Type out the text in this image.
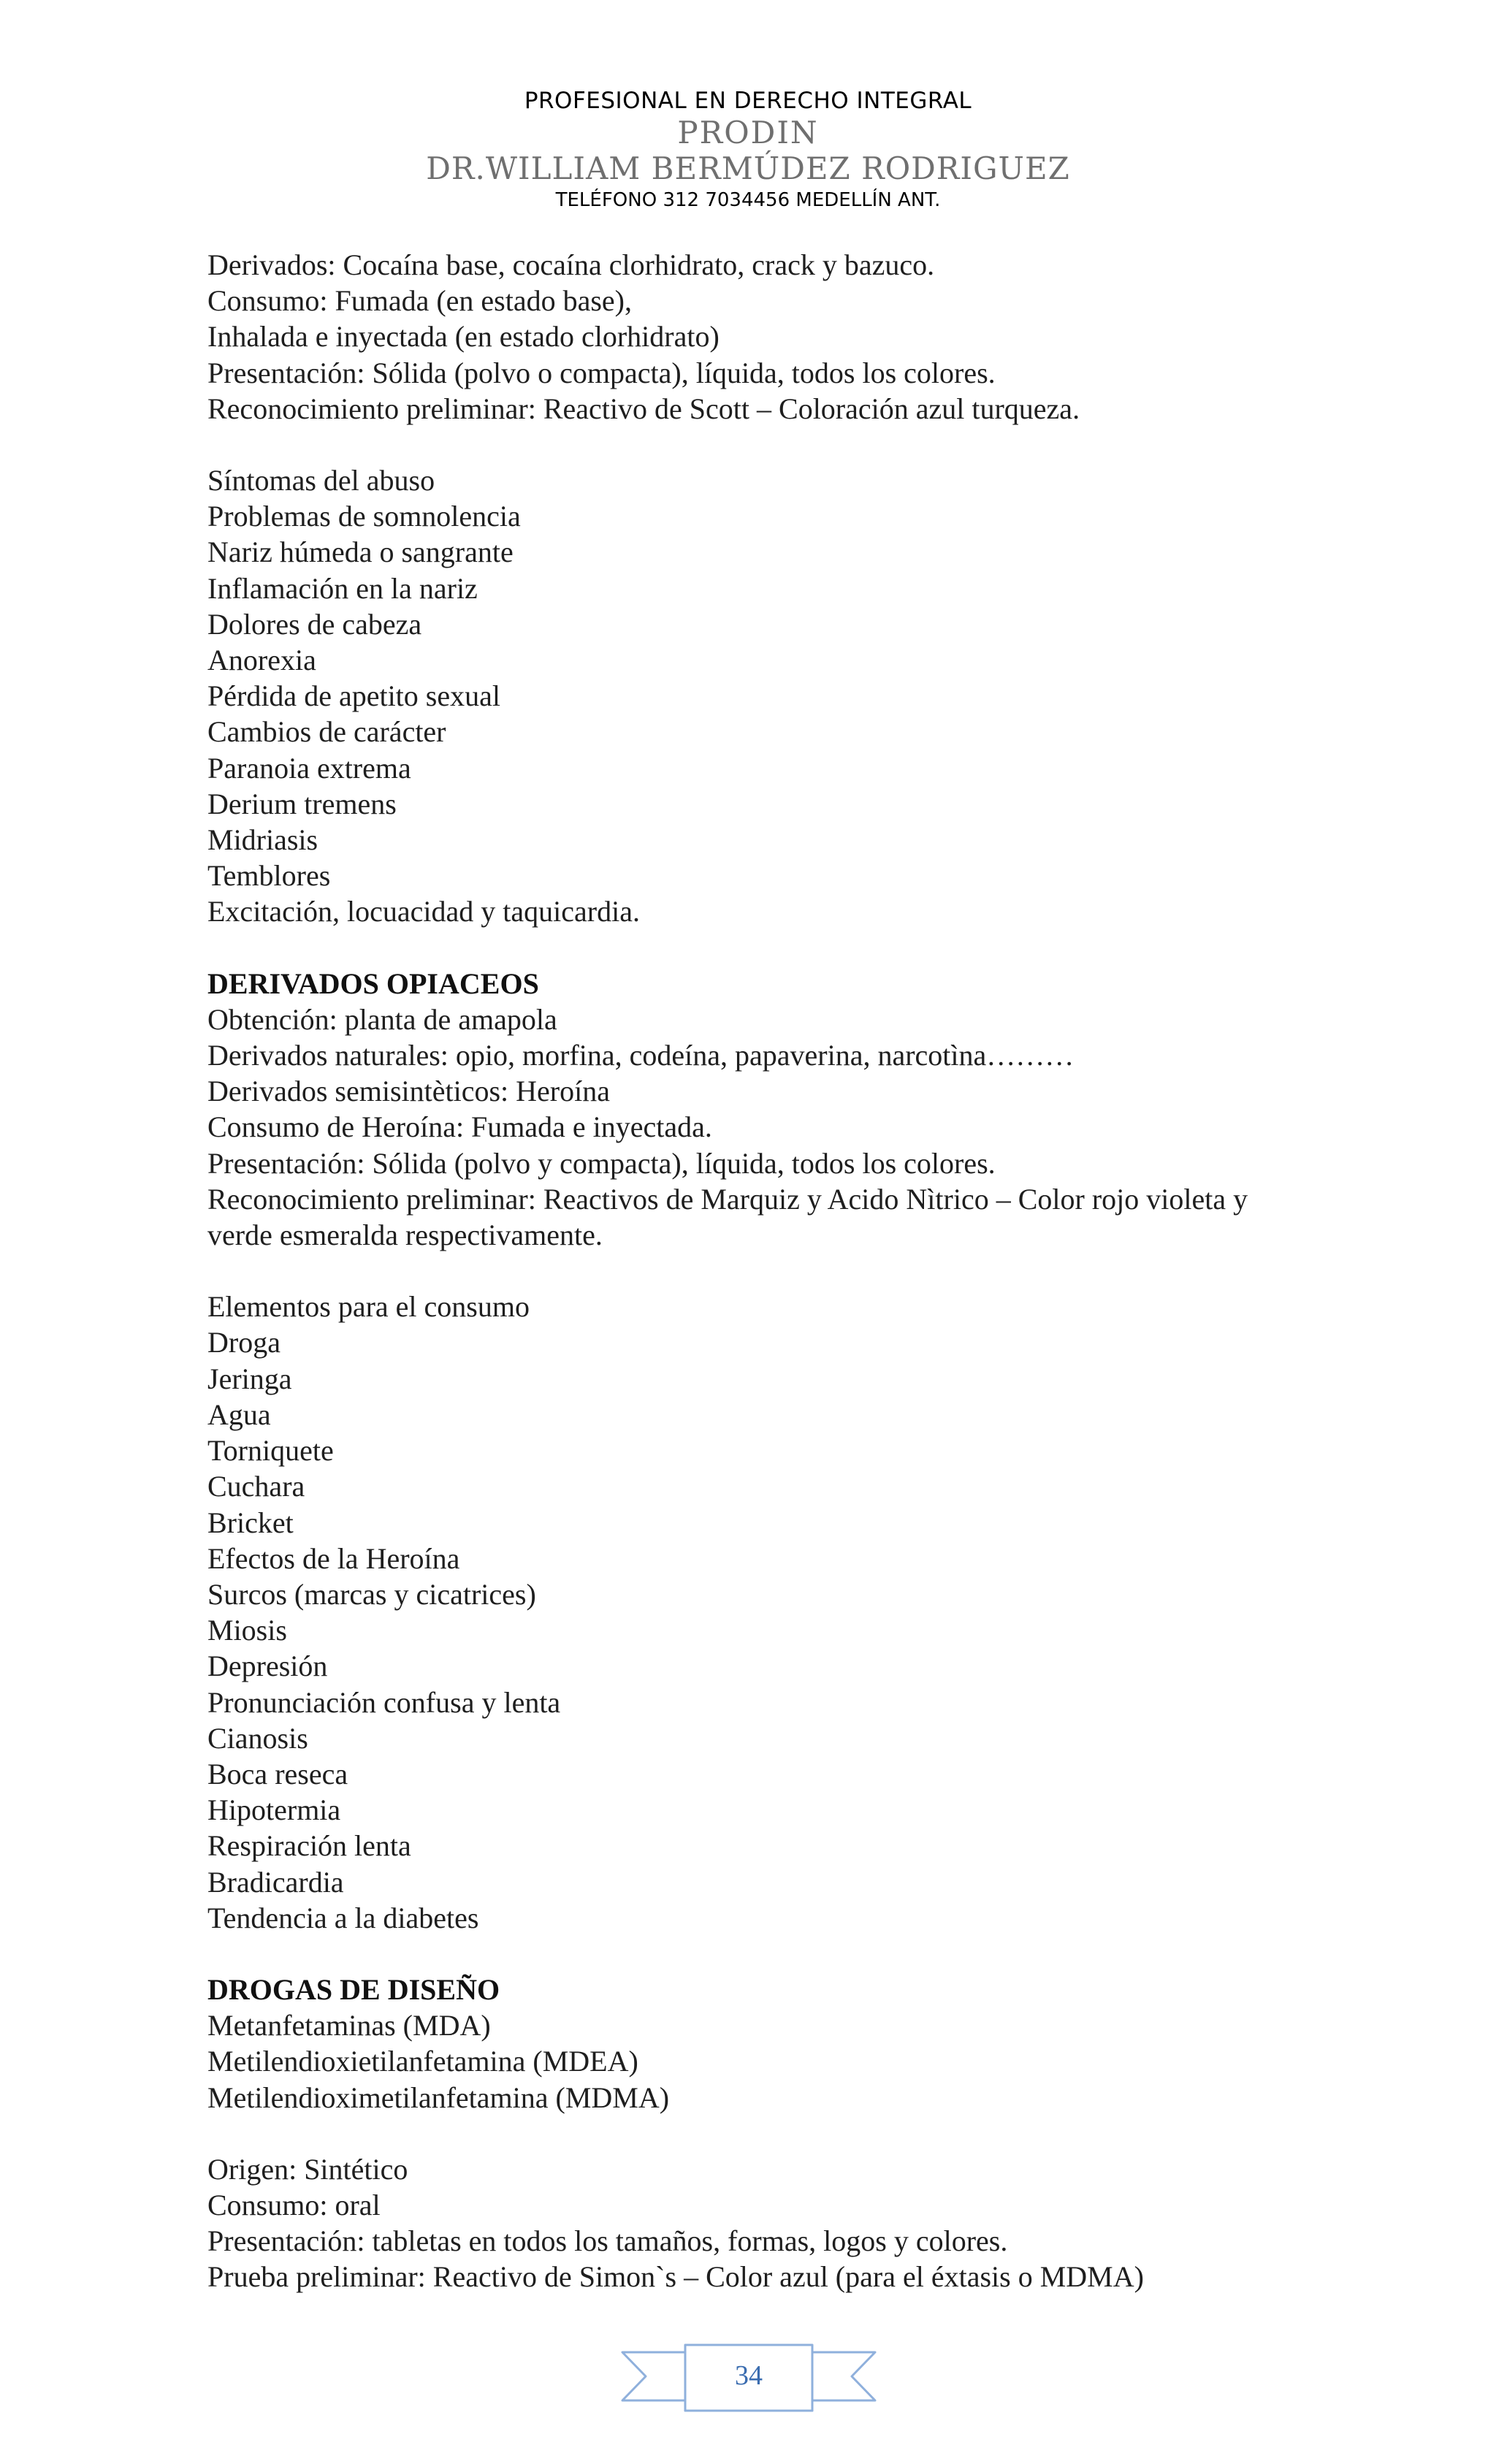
PROFESIONAL EN DERECHO INTEGRAL
PRODIN
DR.WILLIAM BERMÚDEZ RODRIGUEZ
TELÉFONO 312 7034456 MEDELLÍN ANT.
Derivados: Cocaína base, cocaína clorhidrato, crack y bazuco.
Consumo: Fumada (en estado base),
Inhalada e inyectada (en estado clorhidrato)
Presentación: Sólida (polvo o compacta), líquida, todos los colores.
Reconocimiento preliminar: Reactivo de Scott – Coloración azul turqueza.
Síntomas del abuso
Problemas de somnolencia
Nariz húmeda o sangrante
Inflamación en la nariz
Dolores de cabeza
Anorexia
Pérdida de apetito sexual
Cambios de carácter
Paranoia extrema
Derium tremens
Midriasis
Temblores
Excitación, locuacidad y taquicardia.
DERIVADOS OPIACEOS
Obtención: planta de amapola
Derivados naturales: opio, morfina, codeína, papaverina, narcotìna………
Derivados semisintèticos: Heroína
Consumo de Heroína: Fumada e inyectada.
Presentación: Sólida (polvo y compacta), líquida, todos los colores.
Reconocimiento preliminar: Reactivos de Marquiz y Acido Nìtrico – Color rojo violeta y verde esmeralda respectivamente.
Elementos para el consumo
Droga
Jeringa
Agua
Torniquete
Cuchara
Bricket
Efectos de la Heroína
Surcos (marcas y cicatrices)
Miosis
Depresión
Pronunciación confusa y lenta
Cianosis
Boca reseca
Hipotermia
Respiración lenta
Bradicardia
Tendencia a la diabetes
DROGAS DE DISEÑO
Metanfetaminas (MDA)
Metilendioxietilanfetamina (MDEA)
Metilendioximetilanfetamina (MDMA)
Origen: Sintético
Consumo: oral
Presentación: tabletas en todos los tamaños, formas, logos y colores.
Prueba preliminar: Reactivo de Simon`s – Color azul (para el éxtasis o MDMA)
34
